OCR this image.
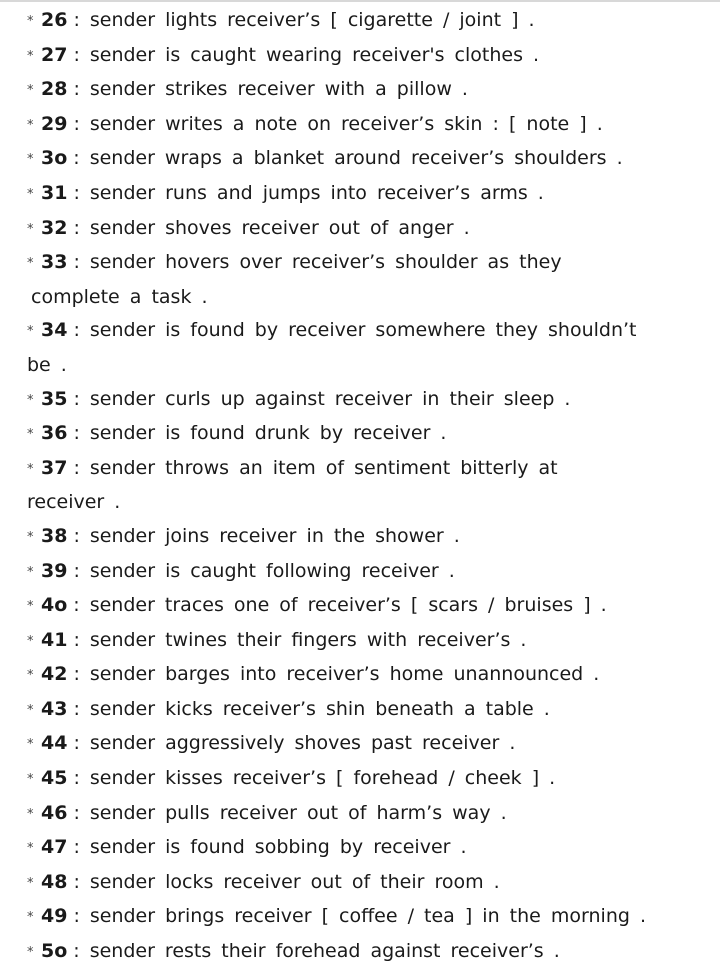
* 26 : sender lights receiver’s [ cigarette / joint ] .
* 27 : sender is caught wearing receiver's clothes .
* 28 : sender strikes receiver with a pillow .
* 29 : sender writes a note on receiver’s skin : [ note ] .
* 3o : sender wraps a blanket around receiver’s shoulders .
* 31 : sender runs and jumps into receiver’s arms .
* 32 : sender shoves receiver out of anger .
* 33 : sender hovers over receiver’s shoulder as they
complete a task .
* 34 : sender is found by receiver somewhere they shouldn’t
be .
* 35 : sender curls up against receiver in their sleep .
* 36 : sender is found drunk by receiver .
* 37 : sender throws an item of sentiment bitterly at
receiver .
* 38 : sender joins receiver in the shower .
* 39 : sender is caught following receiver .
* 4o : sender traces one of receiver’s [ scars / bruises ] .
* 41 : sender twines their fingers with receiver’s .
* 42 : sender barges into receiver’s home unannounced .
* 43 : sender kicks receiver’s shin beneath a table .
* 44 : sender aggressively shoves past receiver .
* 45 : sender kisses receiver’s [ forehead / cheek ] .
* 46 : sender pulls receiver out of harm’s way .
* 47 : sender is found sobbing by receiver .
* 48 : sender locks receiver out of their room .
* 49 : sender brings receiver [ coffee / tea ] in the morning .
* 5o : sender rests their forehead against receiver’s .
